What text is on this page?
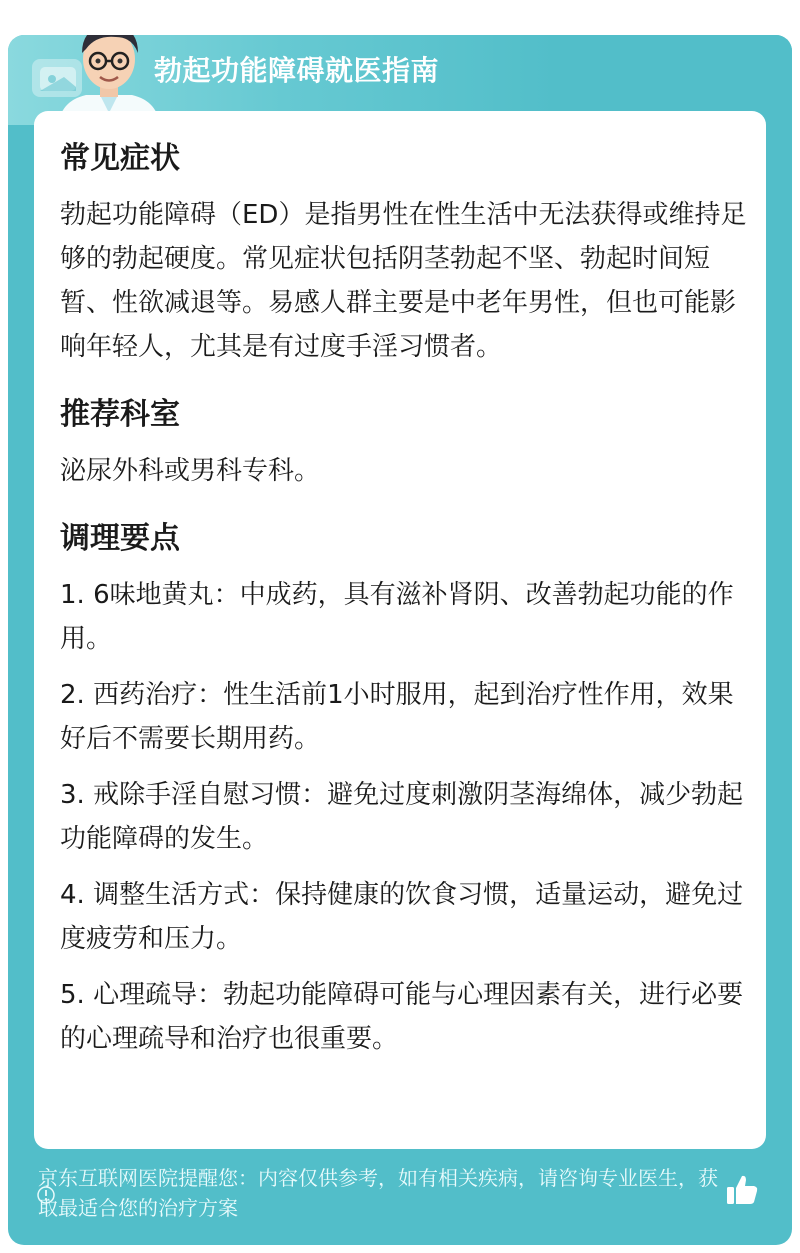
勃起功能障碍就医指南
常见症状

勃起功能障碍（ED）是指男性在性生活中无法获得或维持足够的勃起硬度。常见症状包括阴茎勃起不坚、勃起时间短暂、性欲减退等。易感人群主要是中老年男性，但也可能影响年轻人，尤其是有过度手淫习惯者。

推荐科室

泌尿外科或男科专科。

调理要点

1. 6味地黄丸：中成药，具有滋补肾阴、改善勃起功能的作用。

2. 西药治疗：性生活前1小时服用，起到治疗性作用，效果好后不需要长期用药。

3. 戒除手淫自慰习惯：避免过度刺激阴茎海绵体，减少勃起功能障碍的发生。

4. 调整生活方式：保持健康的饮食习惯，适量运动，避免过度疲劳和压力。

5. 心理疏导：勃起功能障碍可能与心理因素有关，进行必要的心理疏导和治疗也很重要。

京东互联网医院提醒您：内容仅供参考，如有相关疾病，请咨询专业医生，获取最适合您的治疗方案
